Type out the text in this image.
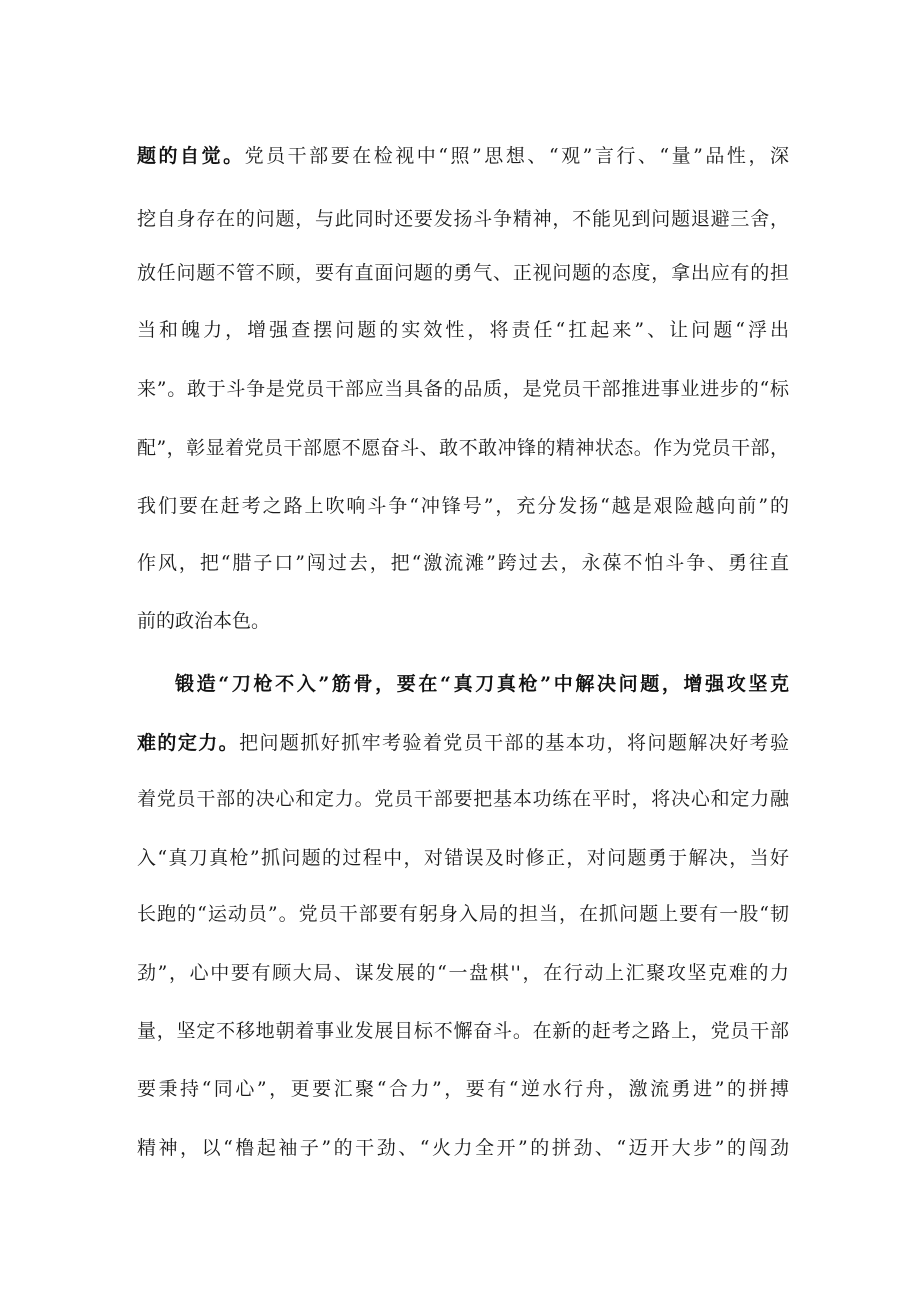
题的自觉。党员干部要在检视中“照”思想、“观”言行、“量”品性，深
挖自身存在的问题，与此同时还要发扬斗争精神，不能见到问题退避三舍，
放任问题不管不顾，要有直面问题的勇气、正视问题的态度，拿出应有的担
当和魄力，增强查摆问题的实效性，将责任“扛起来”、让问题“浮出
来”。敢于斗争是党员干部应当具备的品质，是党员干部推进事业进步的“标
配”，彰显着党员干部愿不愿奋斗、敢不敢冲锋的精神状态。作为党员干部，
我们要在赶考之路上吹响斗争“冲锋号”，充分发扬“越是艰险越向前”的
作风，把“腊子口”闯过去，把“激流滩”跨过去，永葆不怕斗争、勇往直
前的政治本色。
锻造“刀枪不入”筋骨，要在“真刀真枪”中解决问题，增强攻坚克
难的定力。把问题抓好抓牢考验着党员干部的基本功，将问题解决好考验
着党员干部的决心和定力。党员干部要把基本功练在平时，将决心和定力融
入“真刀真枪”抓问题的过程中，对错误及时修正，对问题勇于解决，当好
长跑的“运动员”。党员干部要有躬身入局的担当，在抓问题上要有一股“韧
劲”，心中要有顾大局、谋发展的“一盘棋''，在行动上汇聚攻坚克难的力
量，坚定不移地朝着事业发展目标不懈奋斗。在新的赶考之路上，党员干部
要秉持“同心”，更要汇聚“合力”，要有“逆水行舟，激流勇进”的拼搏
精神，以“橹起袖子”的干劲、“火力全开”的拼劲、“迈开大步”的闯劲
